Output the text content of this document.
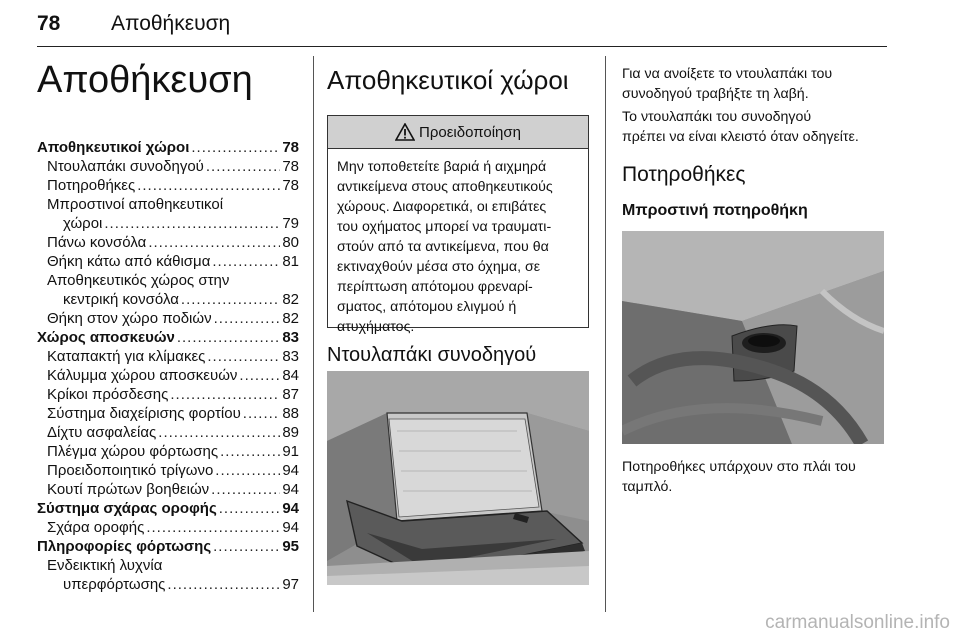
78 Αποθήκευση
Αποθήκευση
Αποθηκευτικοί χώροι .....	78
Ντουλαπάκι συνοδηγού .....	78
Ποτηροθήκες .....	78
Μπροστινοί αποθηκευτικοί
χώροι .....	79
Πάνω κονσόλα .....	80
Θήκη κάτω από κάθισμα .....	81
Αποθηκευτικός χώρος στην
κεντρική κονσόλα .....	82
Θήκη στον χώρο ποδιών .....	82
Χώρος αποσκευών .....	83
Καταπακτή για κλίμακες .....	83
Κάλυμμα χώρου αποσκευών .....	84
Κρίκοι πρόσδεσης .....	87
Σύστημα διαχείρισης φορτίου .....	88
Δίχτυ ασφαλείας .....	89
Πλέγμα χώρου φόρτωσης .....	91
Προειδοποιητικό τρίγωνο .....	94
Κουτί πρώτων βοηθειών .....	94
Σύστημα σχάρας οροφής .....	94
Σχάρα οροφής .....	94
Πληροφορίες φόρτωσης .....	95
Ενδεικτική λυχνία
υπερφόρτωσης .....	97
Αποθηκευτικοί χώροι
Προειδοποίηση
Μην τοποθετείτε βαριά ή αιχμηρά
αντικείμενα στους αποθηκευτικούς
χώρους. Διαφορετικά, οι επιβάτες
του οχήματος μπορεί να τραυματι-
στούν από τα αντικείμενα, που θα
εκτιναχθούν μέσα στο όχημα, σε
περίπτωση απότομου φρεναρί-
σματος, απότομου ελιγμού ή
ατυχήματος.
Ντουλαπάκι συνοδηγού
Για να ανοίξετε το ντουλαπάκι του
συνοδηγού τραβήξτε τη λαβή.
Το ντουλαπάκι του συνοδηγού
πρέπει να είναι κλειστό όταν οδηγείτε.
Ποτηροθήκες
Μπροστινή ποτηροθήκη
Ποτηροθήκες υπάρχουν στο πλάι του
ταμπλό.
carmanualsonline.info
